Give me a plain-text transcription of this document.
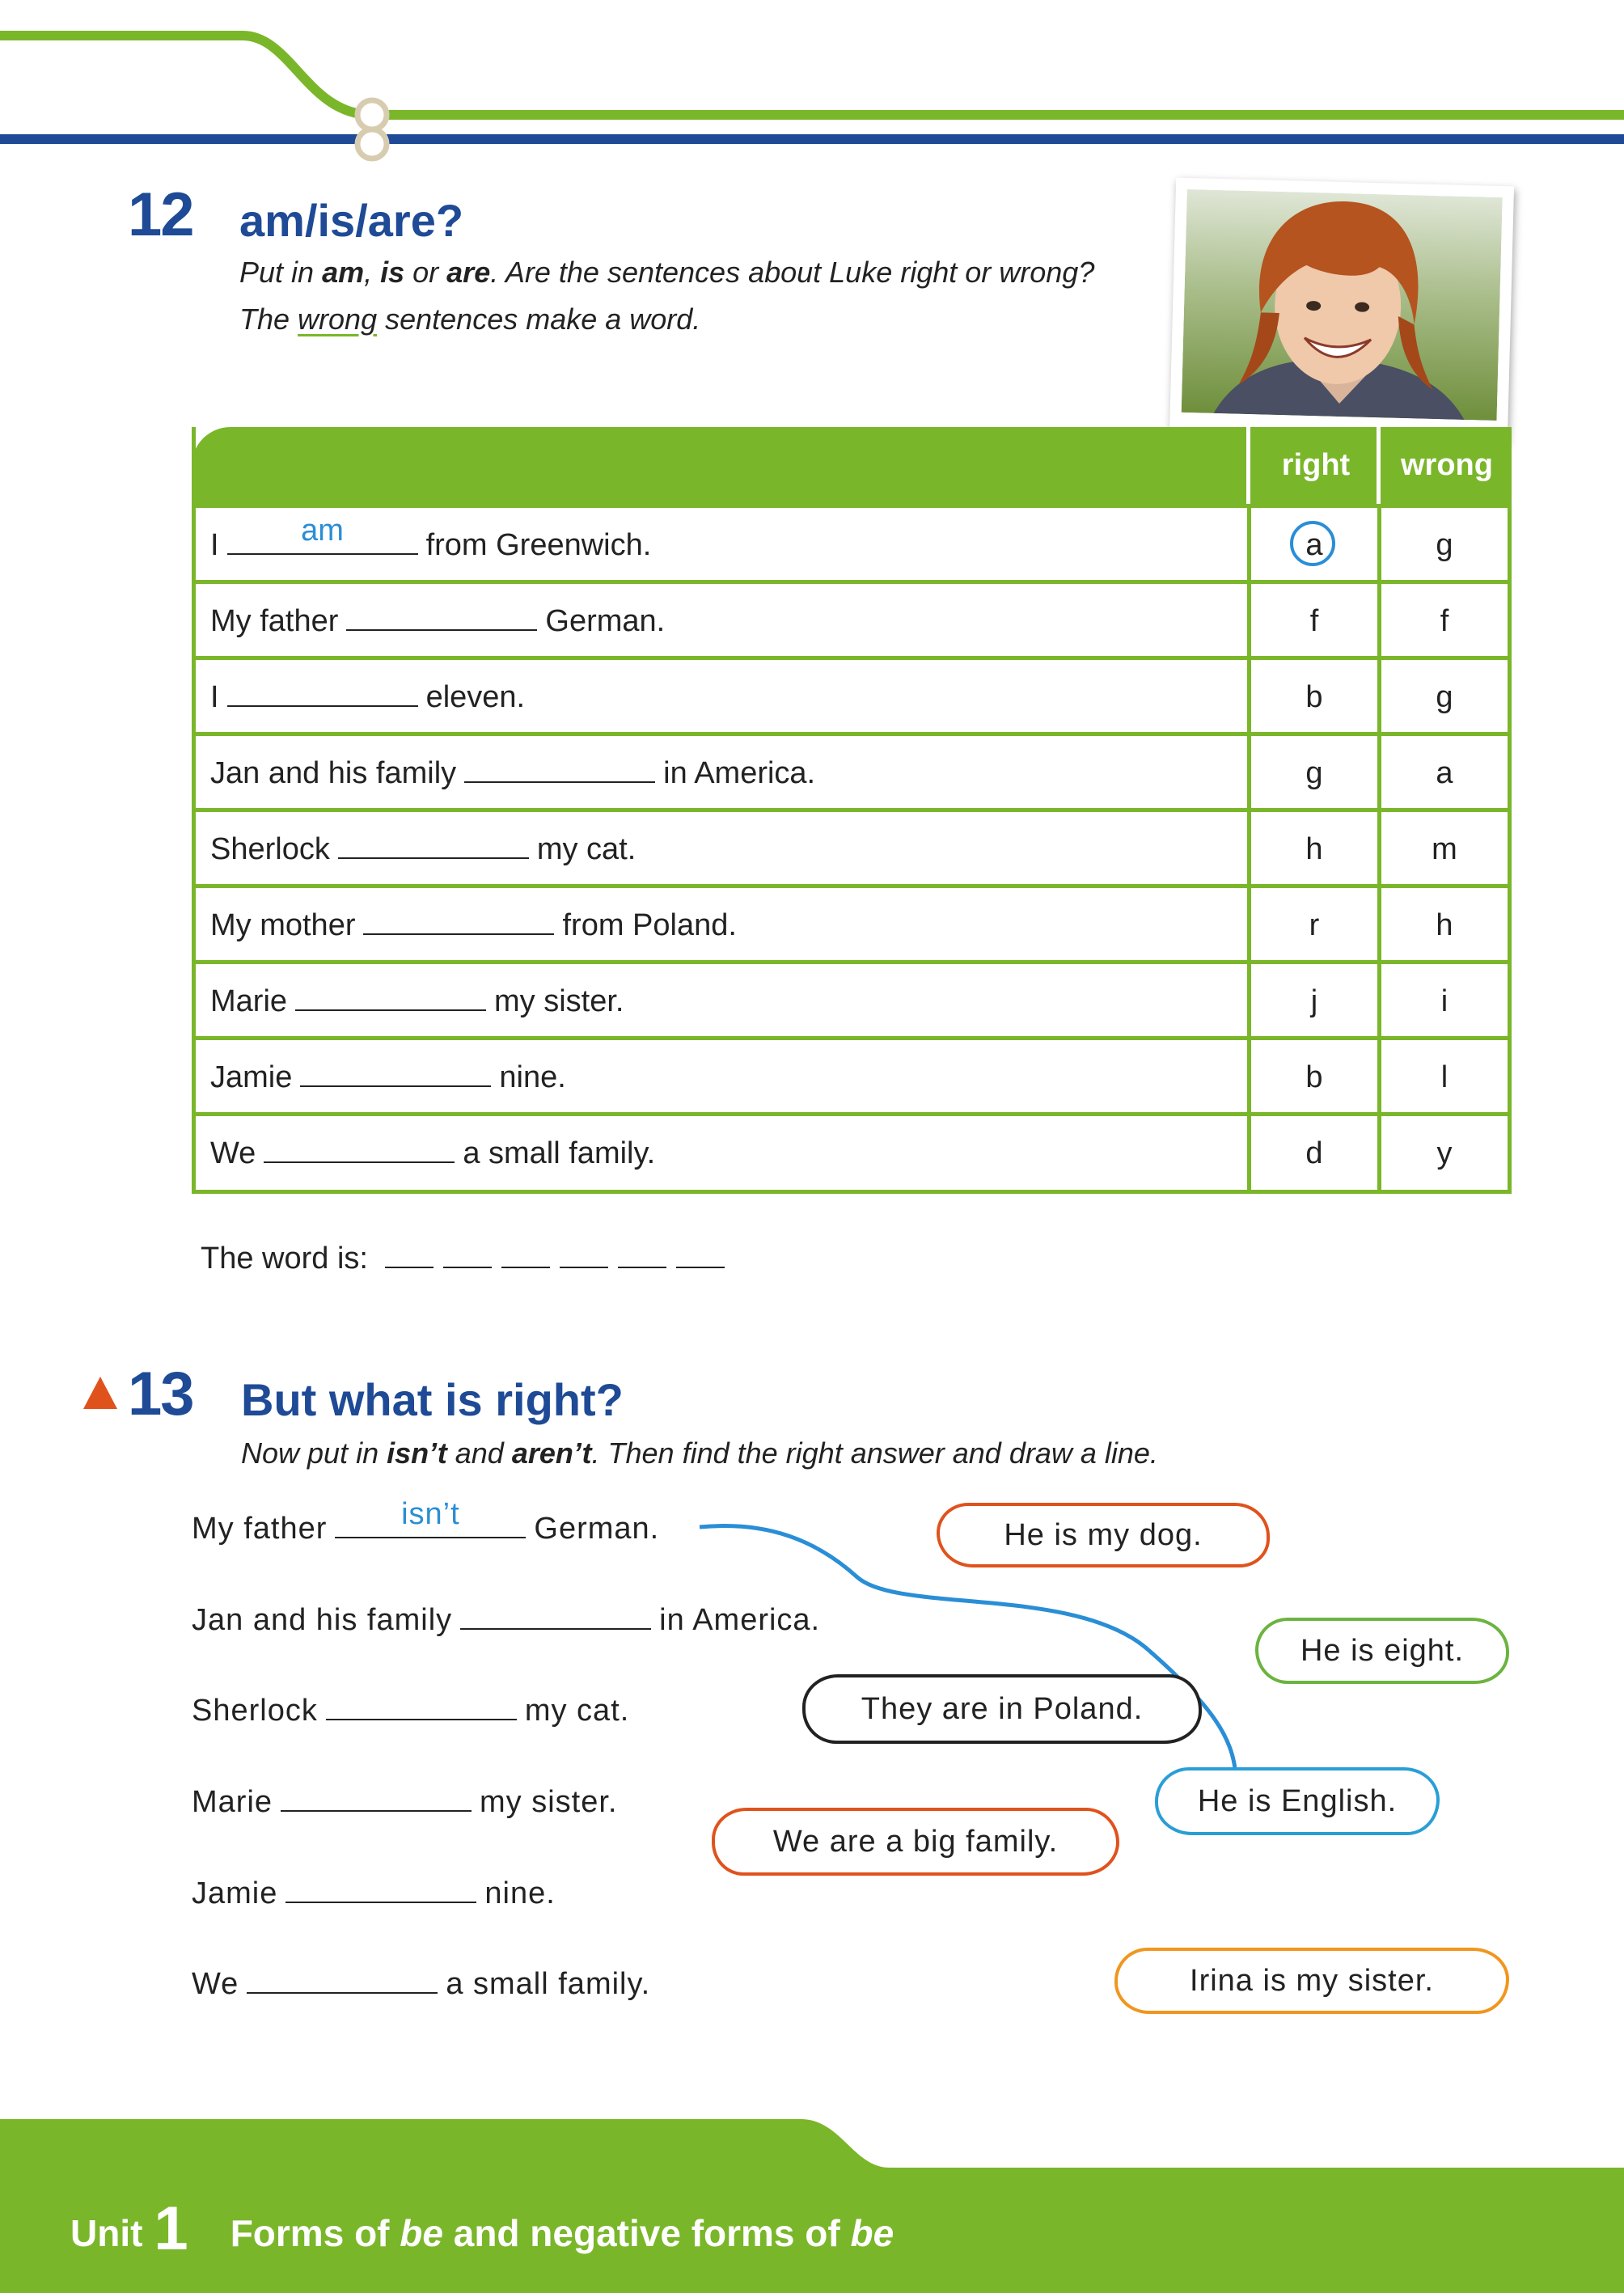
12 am/is/are?
Put in am, is or are. Are the sentences about Luke right or wrong?
The wrong sentences make a word.
right	wrong
I	am	from Greenwich.	a	g
My father	German.	f	f
I	eleven.	b	g
Jan and his family	in America.	g	a
Sherlock	my cat.	h	m
My mother	from Poland.	r	h
Marie	my sister.	j	i
Jamie	nine.	b	l
We	a small family.	d	y
The word is:
13 But what is right?
Now put in isn’t and aren’t. Then find the right answer and draw a line.
My father	isn’t	German.
Jan and his family	in America.
Sherlock	my cat.
Marie	my sister.
Jamie	nine.
We	a small family.
He is my dog.
He is eight.
They are in Poland.
He is English.
We are a big family.
Irina is my sister.
Unit 1 Forms of be and negative forms of be
